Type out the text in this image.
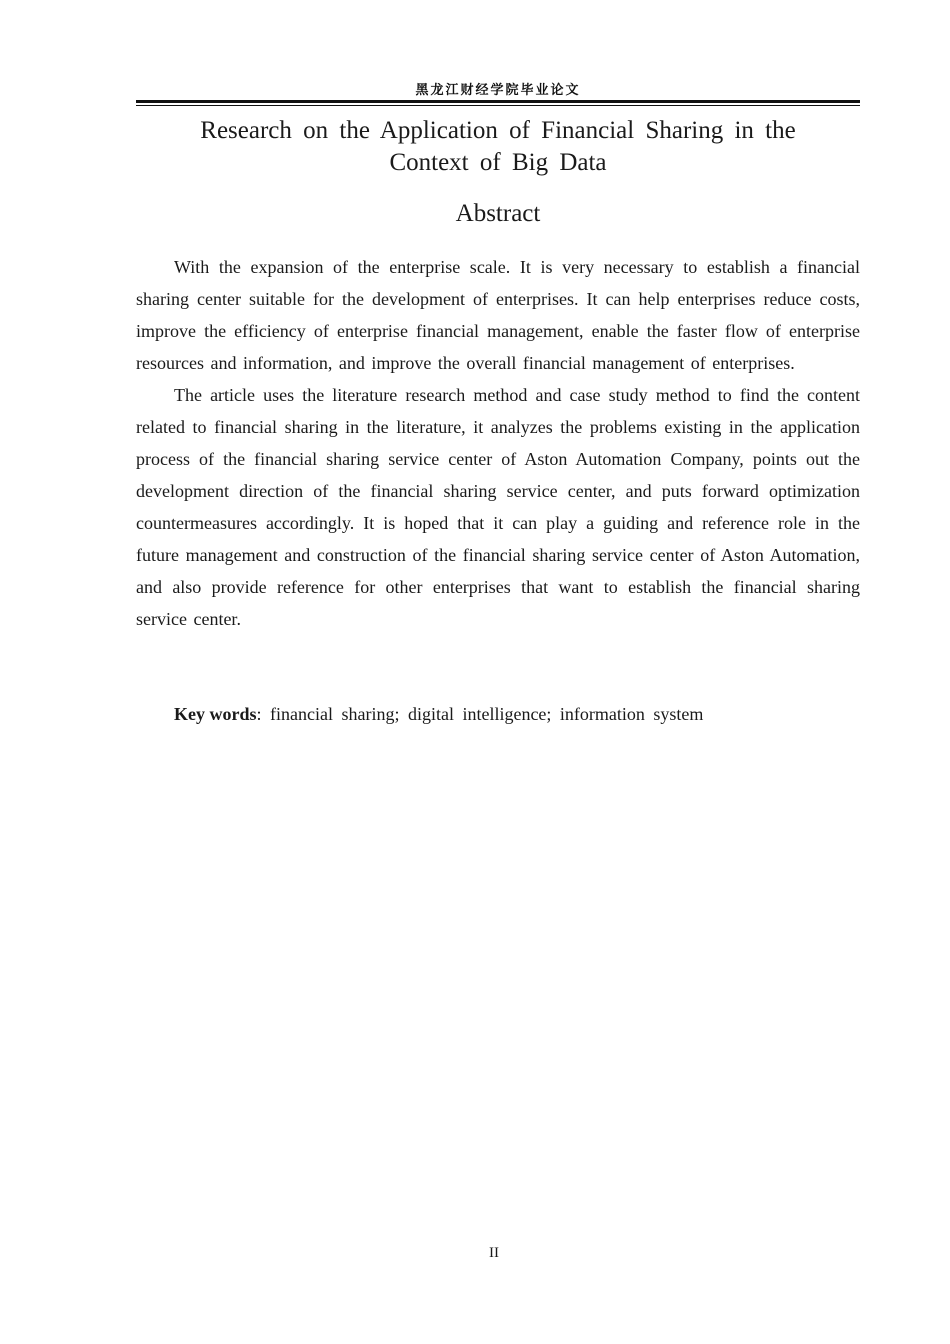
黑龙江财经学院毕业论文
Research on the Application of Financial Sharing in the Context of Big Data
Abstract

With the expansion of the enterprise scale. It is very necessary to establish a financial sharing center suitable for the development of enterprises. It can help enterprises reduce costs, improve the efficiency of enterprise financial management, enable the faster flow of enterprise resources and information, and improve the overall financial management of enterprises.

The article uses the literature research method and case study method to find the content related to financial sharing in the literature, it analyzes the problems existing in the application process of the financial sharing service center of Aston Automation Company, points out the development direction of the financial sharing service center, and puts forward optimization countermeasures accordingly. It is hoped that it can play a guiding and reference role in the future management and construction of the financial sharing service center of Aston Automation, and also provide reference for other enterprises that want to establish the financial sharing service center.

Key words: financial sharing; digital intelligence; information system
II
